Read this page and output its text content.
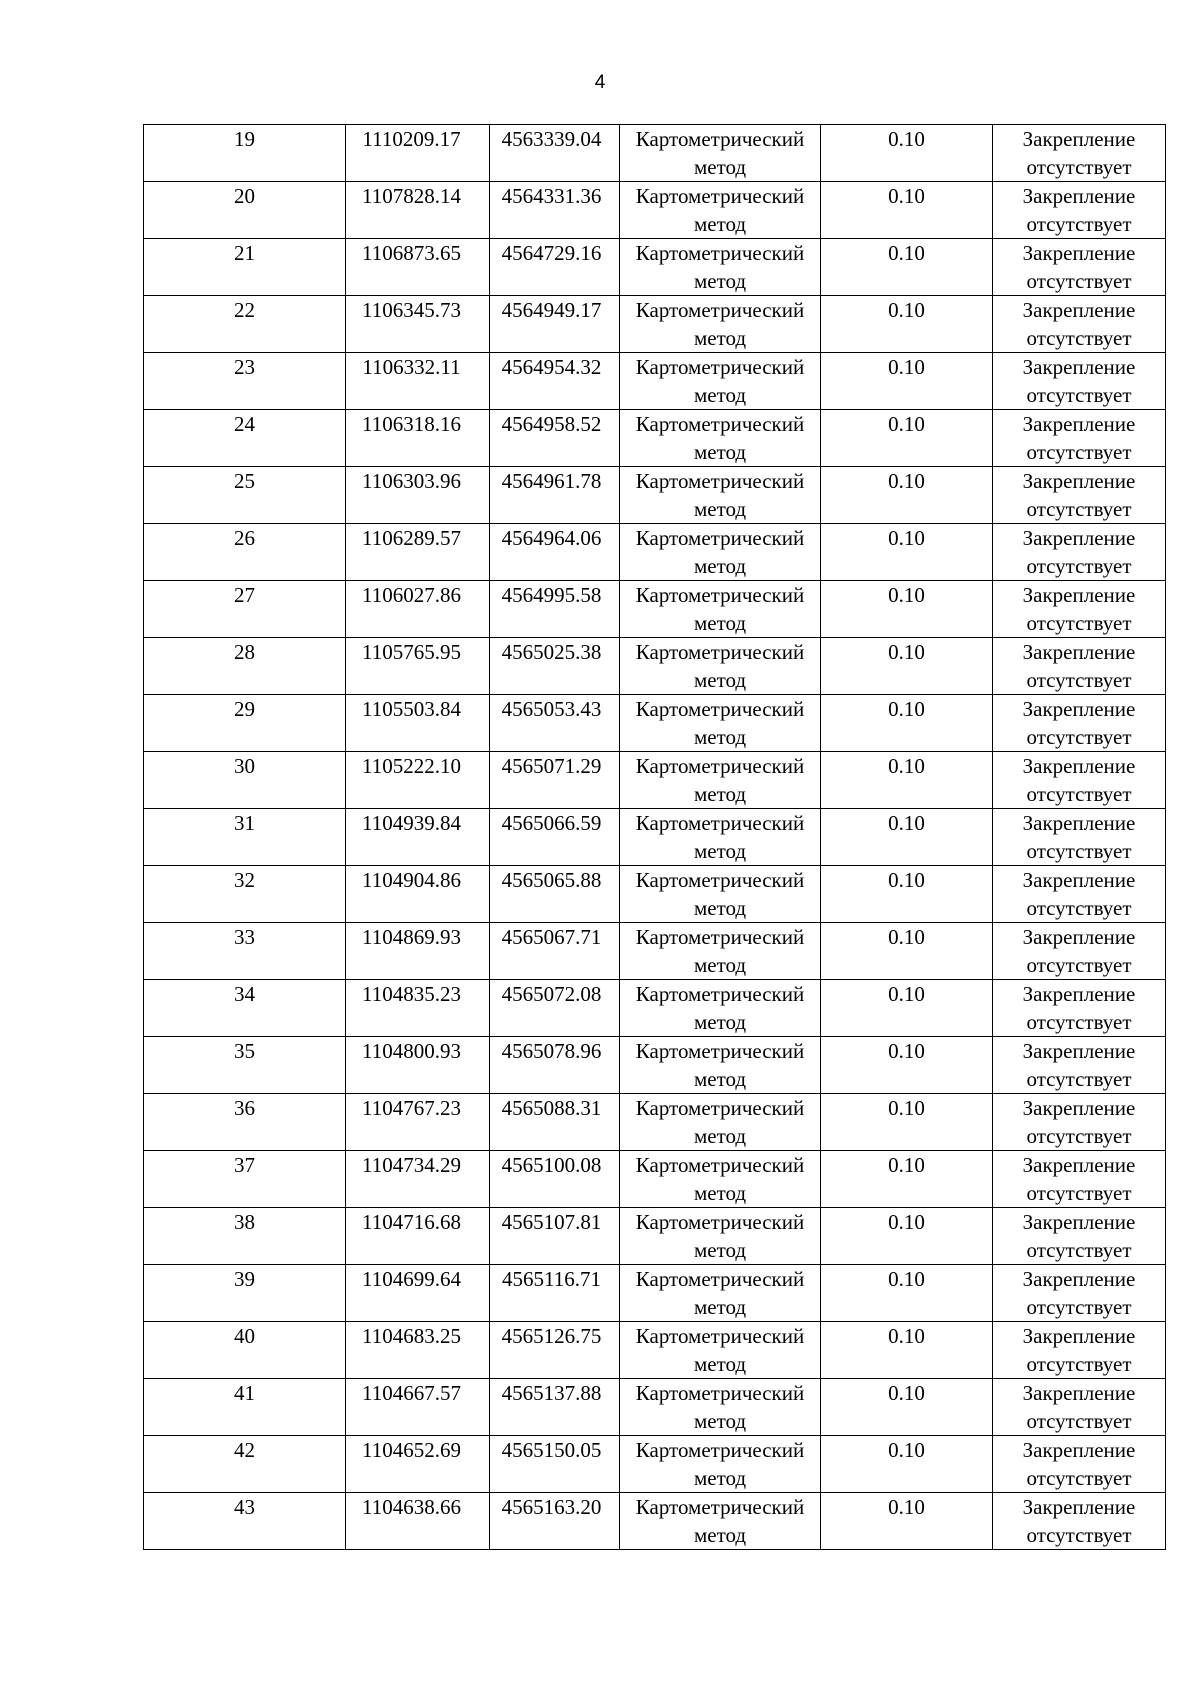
4
19	1110209.17	4563339.04	Картометрический метод	0.10	Закрепление отсутствует
20	1107828.14	4564331.36	Картометрический метод	0.10	Закрепление отсутствует
21	1106873.65	4564729.16	Картометрический метод	0.10	Закрепление отсутствует
22	1106345.73	4564949.17	Картометрический метод	0.10	Закрепление отсутствует
23	1106332.11	4564954.32	Картометрический метод	0.10	Закрепление отсутствует
24	1106318.16	4564958.52	Картометрический метод	0.10	Закрепление отсутствует
25	1106303.96	4564961.78	Картометрический метод	0.10	Закрепление отсутствует
26	1106289.57	4564964.06	Картометрический метод	0.10	Закрепление отсутствует
27	1106027.86	4564995.58	Картометрический метод	0.10	Закрепление отсутствует
28	1105765.95	4565025.38	Картометрический метод	0.10	Закрепление отсутствует
29	1105503.84	4565053.43	Картометрический метод	0.10	Закрепление отсутствует
30	1105222.10	4565071.29	Картометрический метод	0.10	Закрепление отсутствует
31	1104939.84	4565066.59	Картометрический метод	0.10	Закрепление отсутствует
32	1104904.86	4565065.88	Картометрический метод	0.10	Закрепление отсутствует
33	1104869.93	4565067.71	Картометрический метод	0.10	Закрепление отсутствует
34	1104835.23	4565072.08	Картометрический метод	0.10	Закрепление отсутствует
35	1104800.93	4565078.96	Картометрический метод	0.10	Закрепление отсутствует
36	1104767.23	4565088.31	Картометрический метод	0.10	Закрепление отсутствует
37	1104734.29	4565100.08	Картометрический метод	0.10	Закрепление отсутствует
38	1104716.68	4565107.81	Картометрический метод	0.10	Закрепление отсутствует
39	1104699.64	4565116.71	Картометрический метод	0.10	Закрепление отсутствует
40	1104683.25	4565126.75	Картометрический метод	0.10	Закрепление отсутствует
41	1104667.57	4565137.88	Картометрический метод	0.10	Закрепление отсутствует
42	1104652.69	4565150.05	Картометрический метод	0.10	Закрепление отсутствует
43	1104638.66	4565163.20	Картометрический метод	0.10	Закрепление отсутствует
